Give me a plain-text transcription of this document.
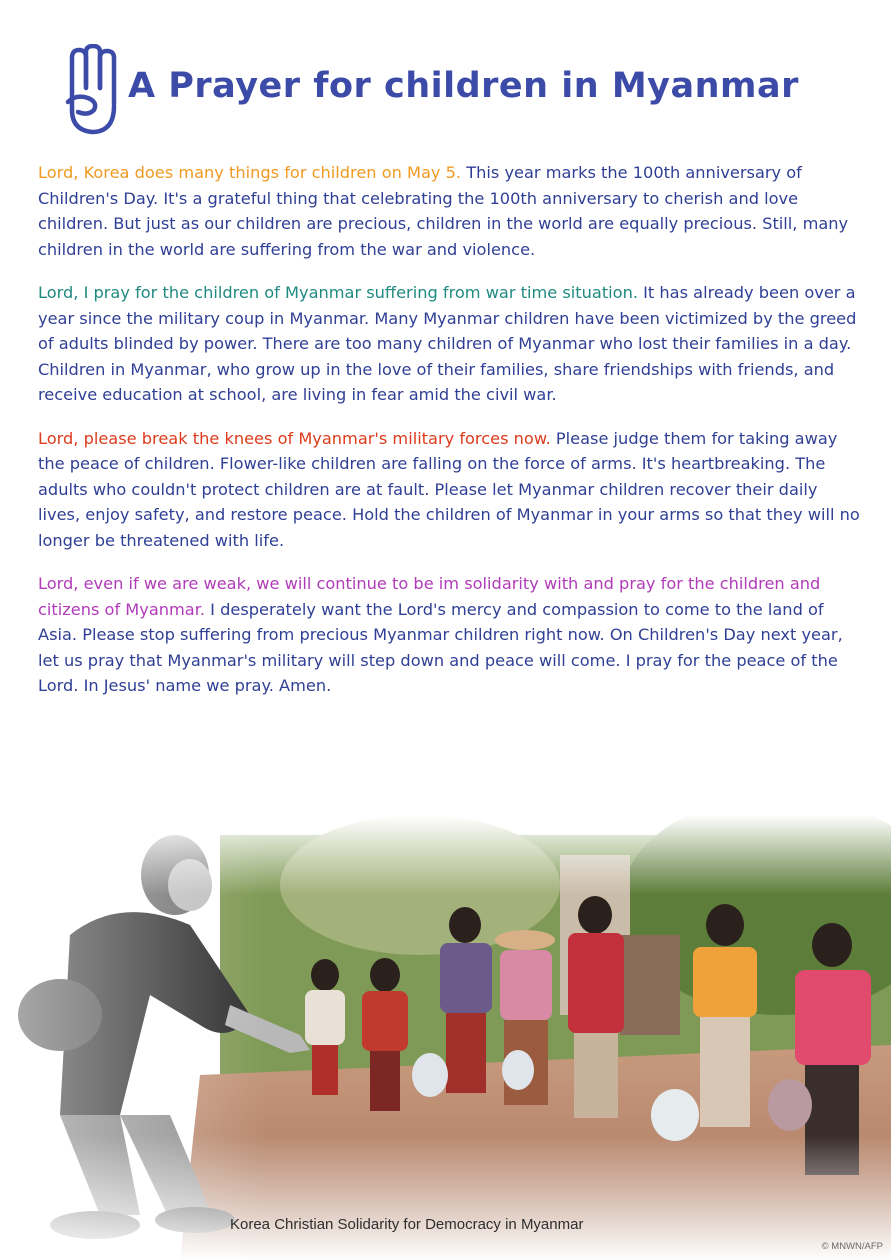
A Prayer for children in Myanmar

Lord, Korea does many things for children on May 5. This year marks the 100th anniversary of Children's Day. It's a grateful thing that celebrating the 100th anniversary to cherish and love children. But just as our children are precious, children in the world are equally precious. Still, many children in the world are suffering from the war and violence.

Lord, I pray for the children of Myanmar suffering from war time situation. It has already been over a year since the military coup in Myanmar. Many Myanmar children have been victimized by the greed of adults blinded by power. There are too many children of Myanmar who lost their families in a day. Children in Myanmar, who grow up in the love of their families, share friendships with friends, and receive education at school, are living in fear amid the civil war.

Lord, please break the knees of Myanmar's military forces now. Please judge them for taking away the peace of children. Flower-like children are falling on the force of arms. It's heartbreaking. The adults who couldn't protect children are at fault. Please let Myanmar children recover their daily lives, enjoy safety, and restore peace. Hold the children of Myanmar in your arms so that they will no longer be threatened with life.

Lord, even if we are weak, we will continue to be im solidarity with and pray for the children and citizens of Myanmar. I desperately want the Lord's mercy and compassion to come to the land of Asia. Please stop suffering from precious Myanmar children right now. On Children's Day next year, let us pray that Myanmar's military will step down and peace will come. I pray for the peace of the Lord. In Jesus' name we pray. Amen.

Korea Christian Solidarity for Democracy in Myanmar
© MNWN/AFP
